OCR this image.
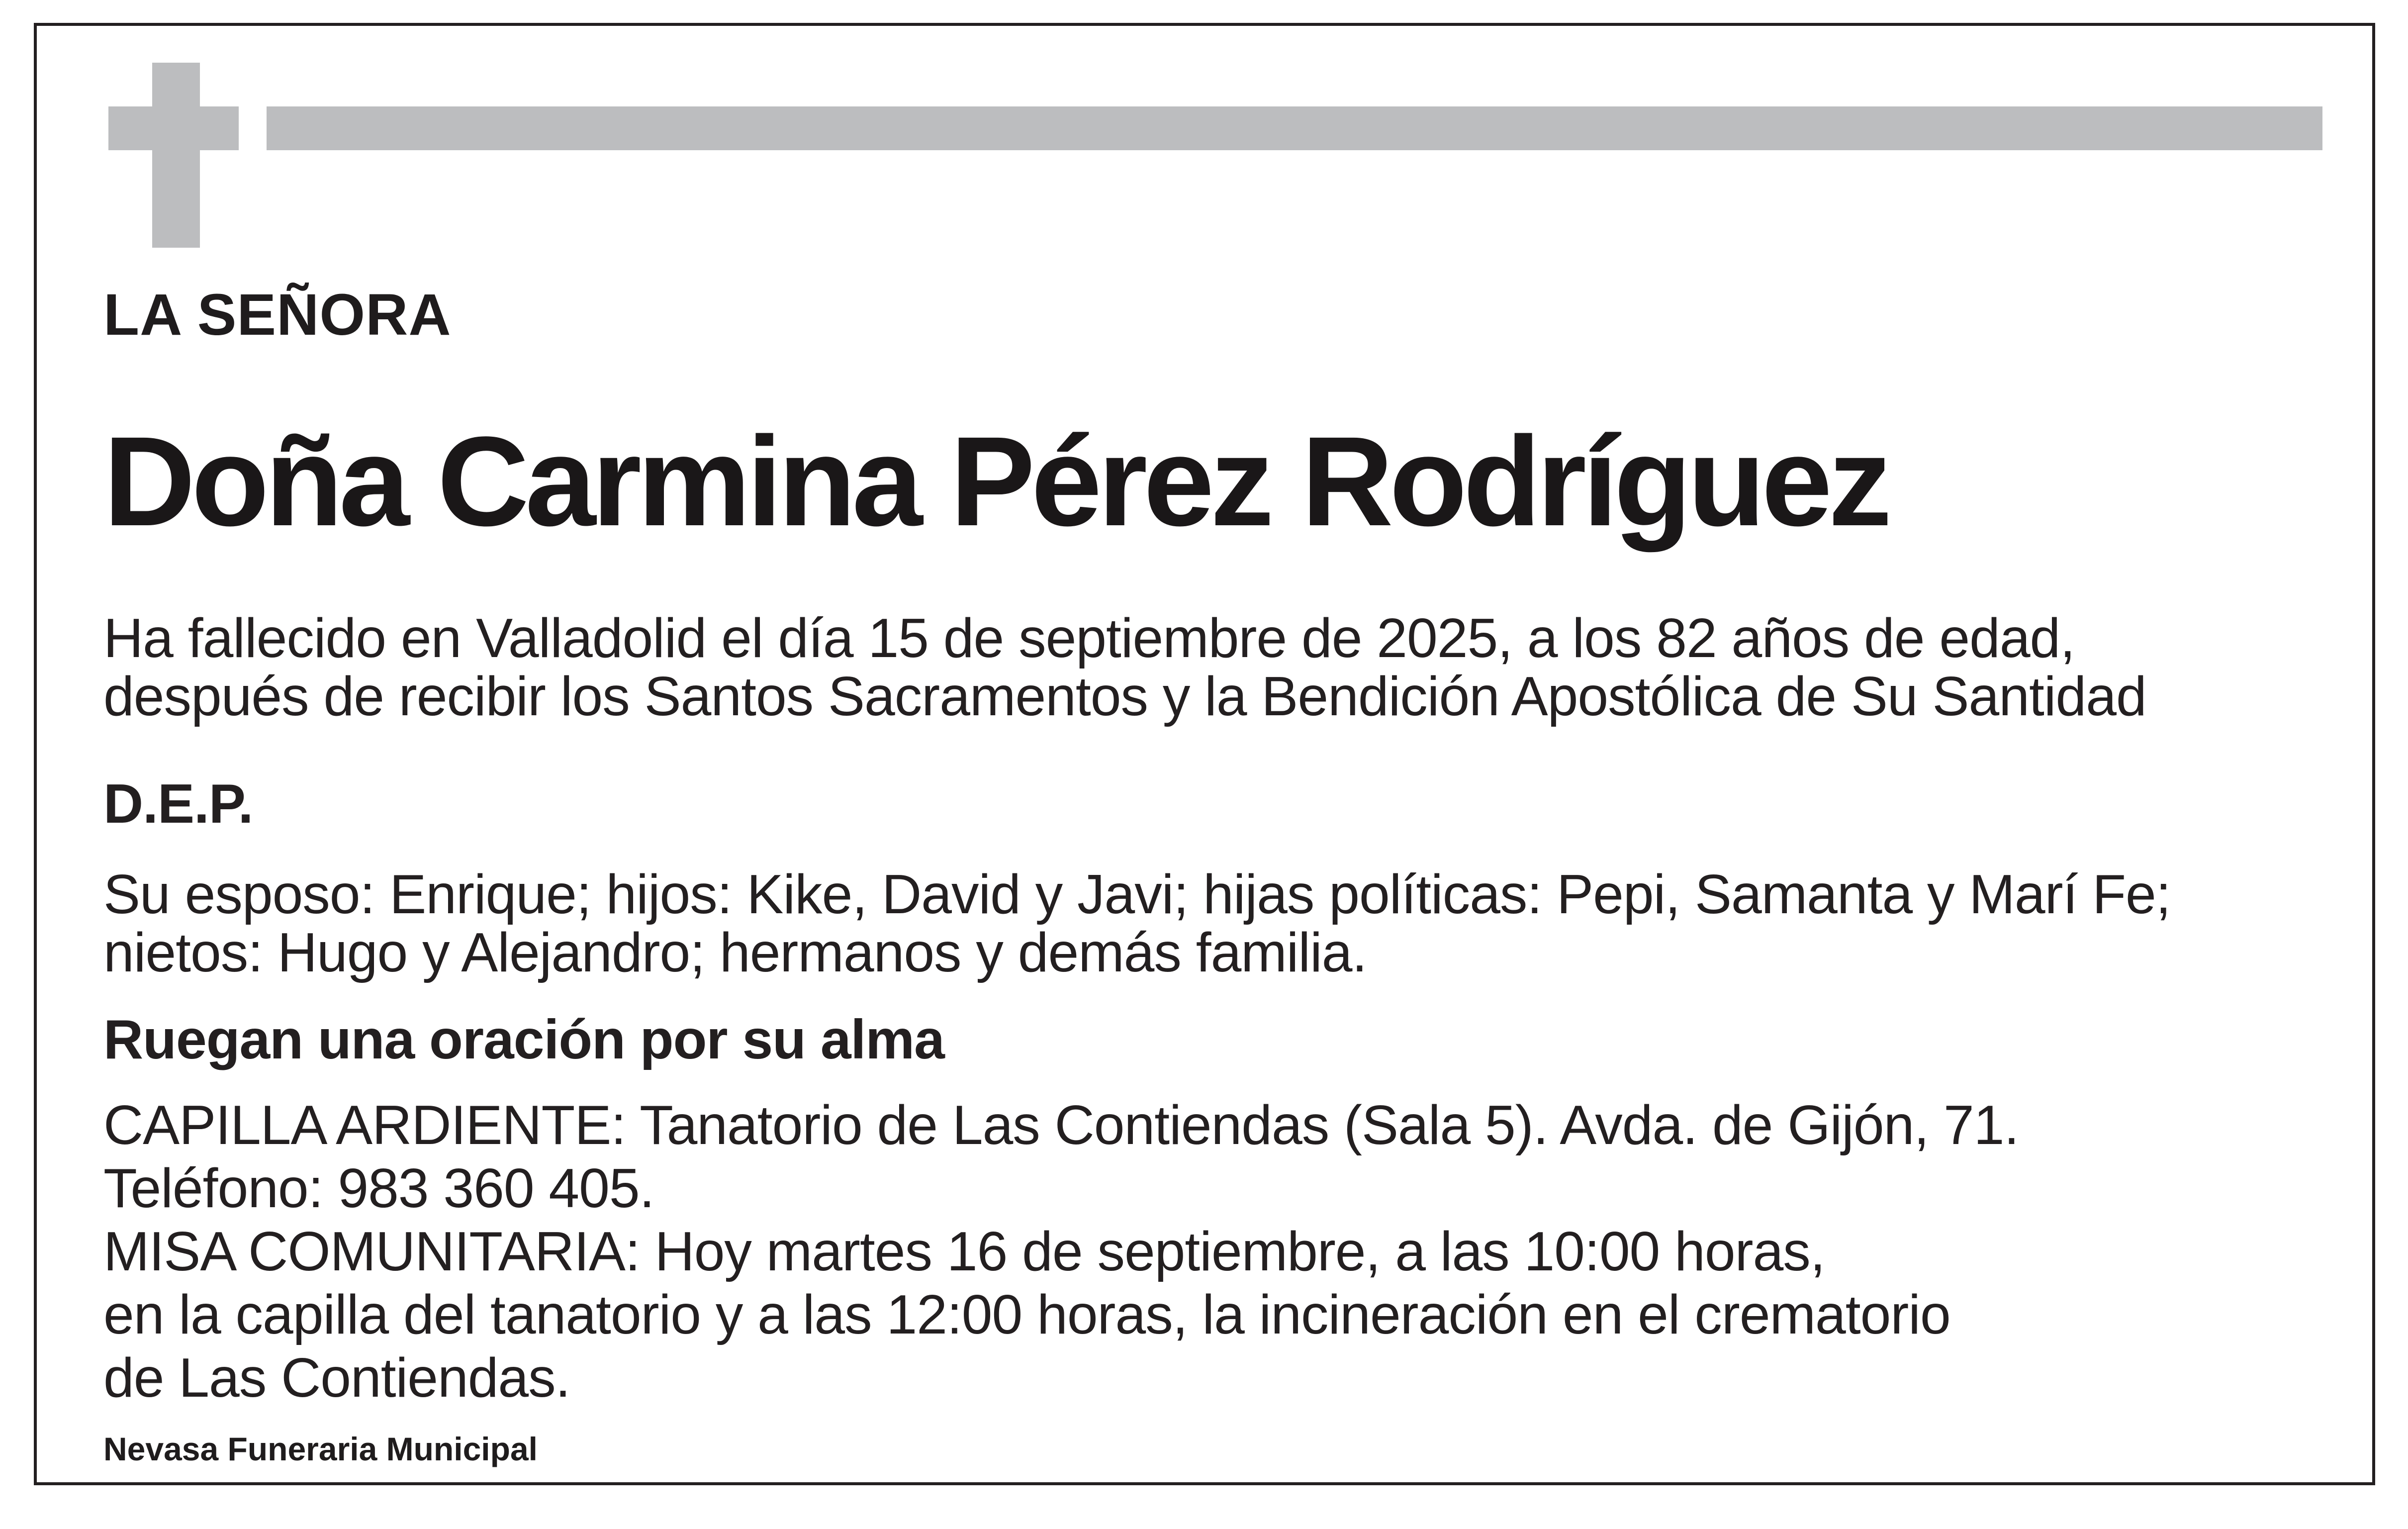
LA SEÑORA
Doña Carmina Pérez Rodríguez
Ha fallecido en Valladolid el día 15 de septiembre de 2025, a los 82 años de edad,
después de recibir los Santos Sacramentos y la Bendición Apostólica de Su Santidad
D.E.P.
Su esposo: Enrique; hijos: Kike, David y Javi; hijas políticas: Pepi, Samanta y Marí Fe;
nietos: Hugo y Alejandro; hermanos y demás familia.
Ruegan una oración por su alma
CAPILLA ARDIENTE: Tanatorio de Las Contiendas (Sala 5). Avda. de Gijón, 71.
Teléfono: 983 360 405.
MISA COMUNITARIA: Hoy martes 16 de septiembre, a las 10:00 horas,
en la capilla del tanatorio y a las 12:00 horas, la incineración en el crematorio
de Las Contiendas.
Nevasa Funeraria Municipal
